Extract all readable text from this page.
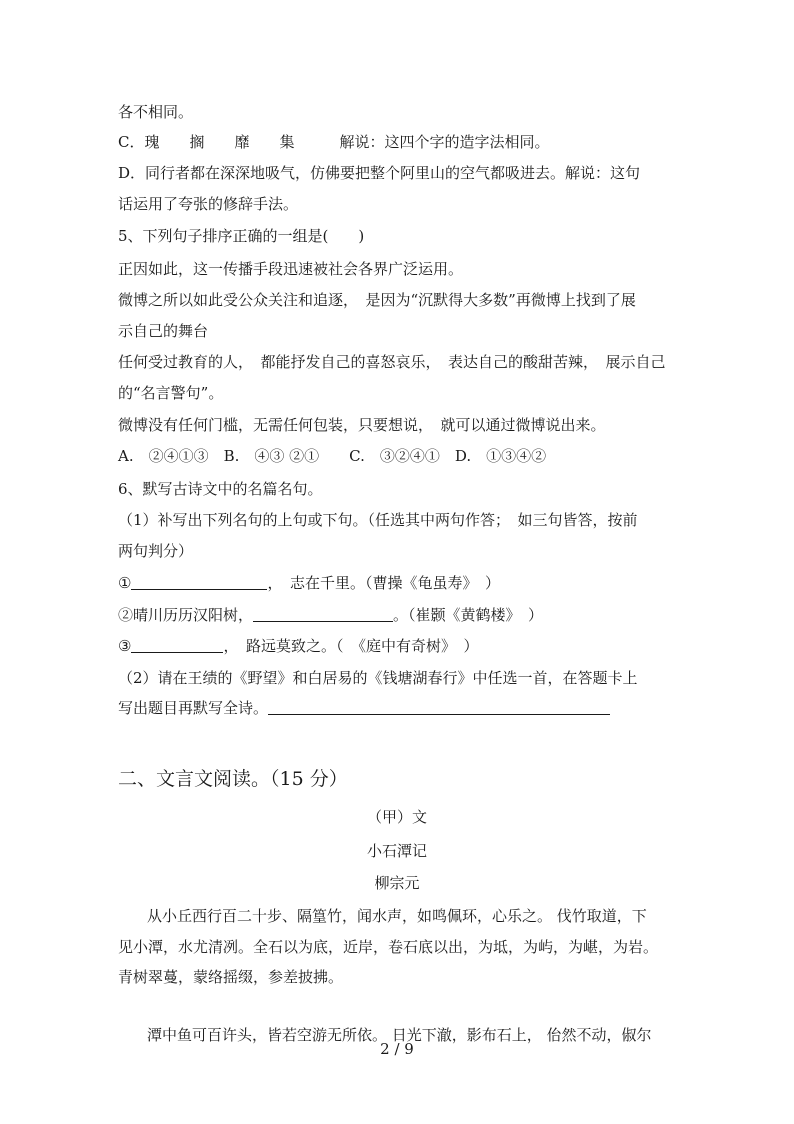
各不相同。
C．瑰　　搁　　靡　　集　　　解说：这四个字的造字法相同。
D．同行者都在深深地吸气，仿佛要把整个阿里山的空气都吸进去。解说：这句
话运用了夸张的修辞手法。
5、下列句子排序正确的一组是(　　)
正因如此，这一传播手段迅速被社会各界广泛运用。
微博之所以如此受公众关注和追逐，　是因为“沉默得大多数”再微博上找到了展
示自己的舞台
任何受过教育的人，　都能抒发自己的喜怒哀乐，　表达自己的酸甜苦辣，　展示自己
的“名言警句”。
微博没有任何门槛，无需任何包装，只要想说，　就可以通过微博说出来。
A.　②④①③　B.　④③ ②①　　C.　③②④①　D.　①③④②
6、默写古诗文中的名篇名句。
（1）补写出下列名句的上句或下句。（任选其中两句作答；　如三句皆答，按前
两句判分）
①	，　志在千里。（曹操《龟虽寿》　）
②晴川历历汉阳树，	。（崔颢《黄鹤楼》　）
③	，　路远莫致之。（　《庭中有奇树》　）
（2）请在王绩的《野望》和白居易的《钱塘湖春行》中任选一首，在答题卡上
写出题目再默写全诗。
二、文言文阅读。（15 分）
（甲）文
小石潭记
柳宗元
从小丘西行百二十步、隔篁竹，闻水声，如鸣佩环，心乐之。 伐竹取道，下
见小潭，水尤清冽。全石以为底，近岸，卷石底以出，为坻，为屿，为嵁，为岩。
青树翠蔓，蒙络摇缀，参差披拂。
潭中鱼可百许头，皆若空游无所依。 日光下澈，影布石上， 佁然不动，俶尔
2 / 9
